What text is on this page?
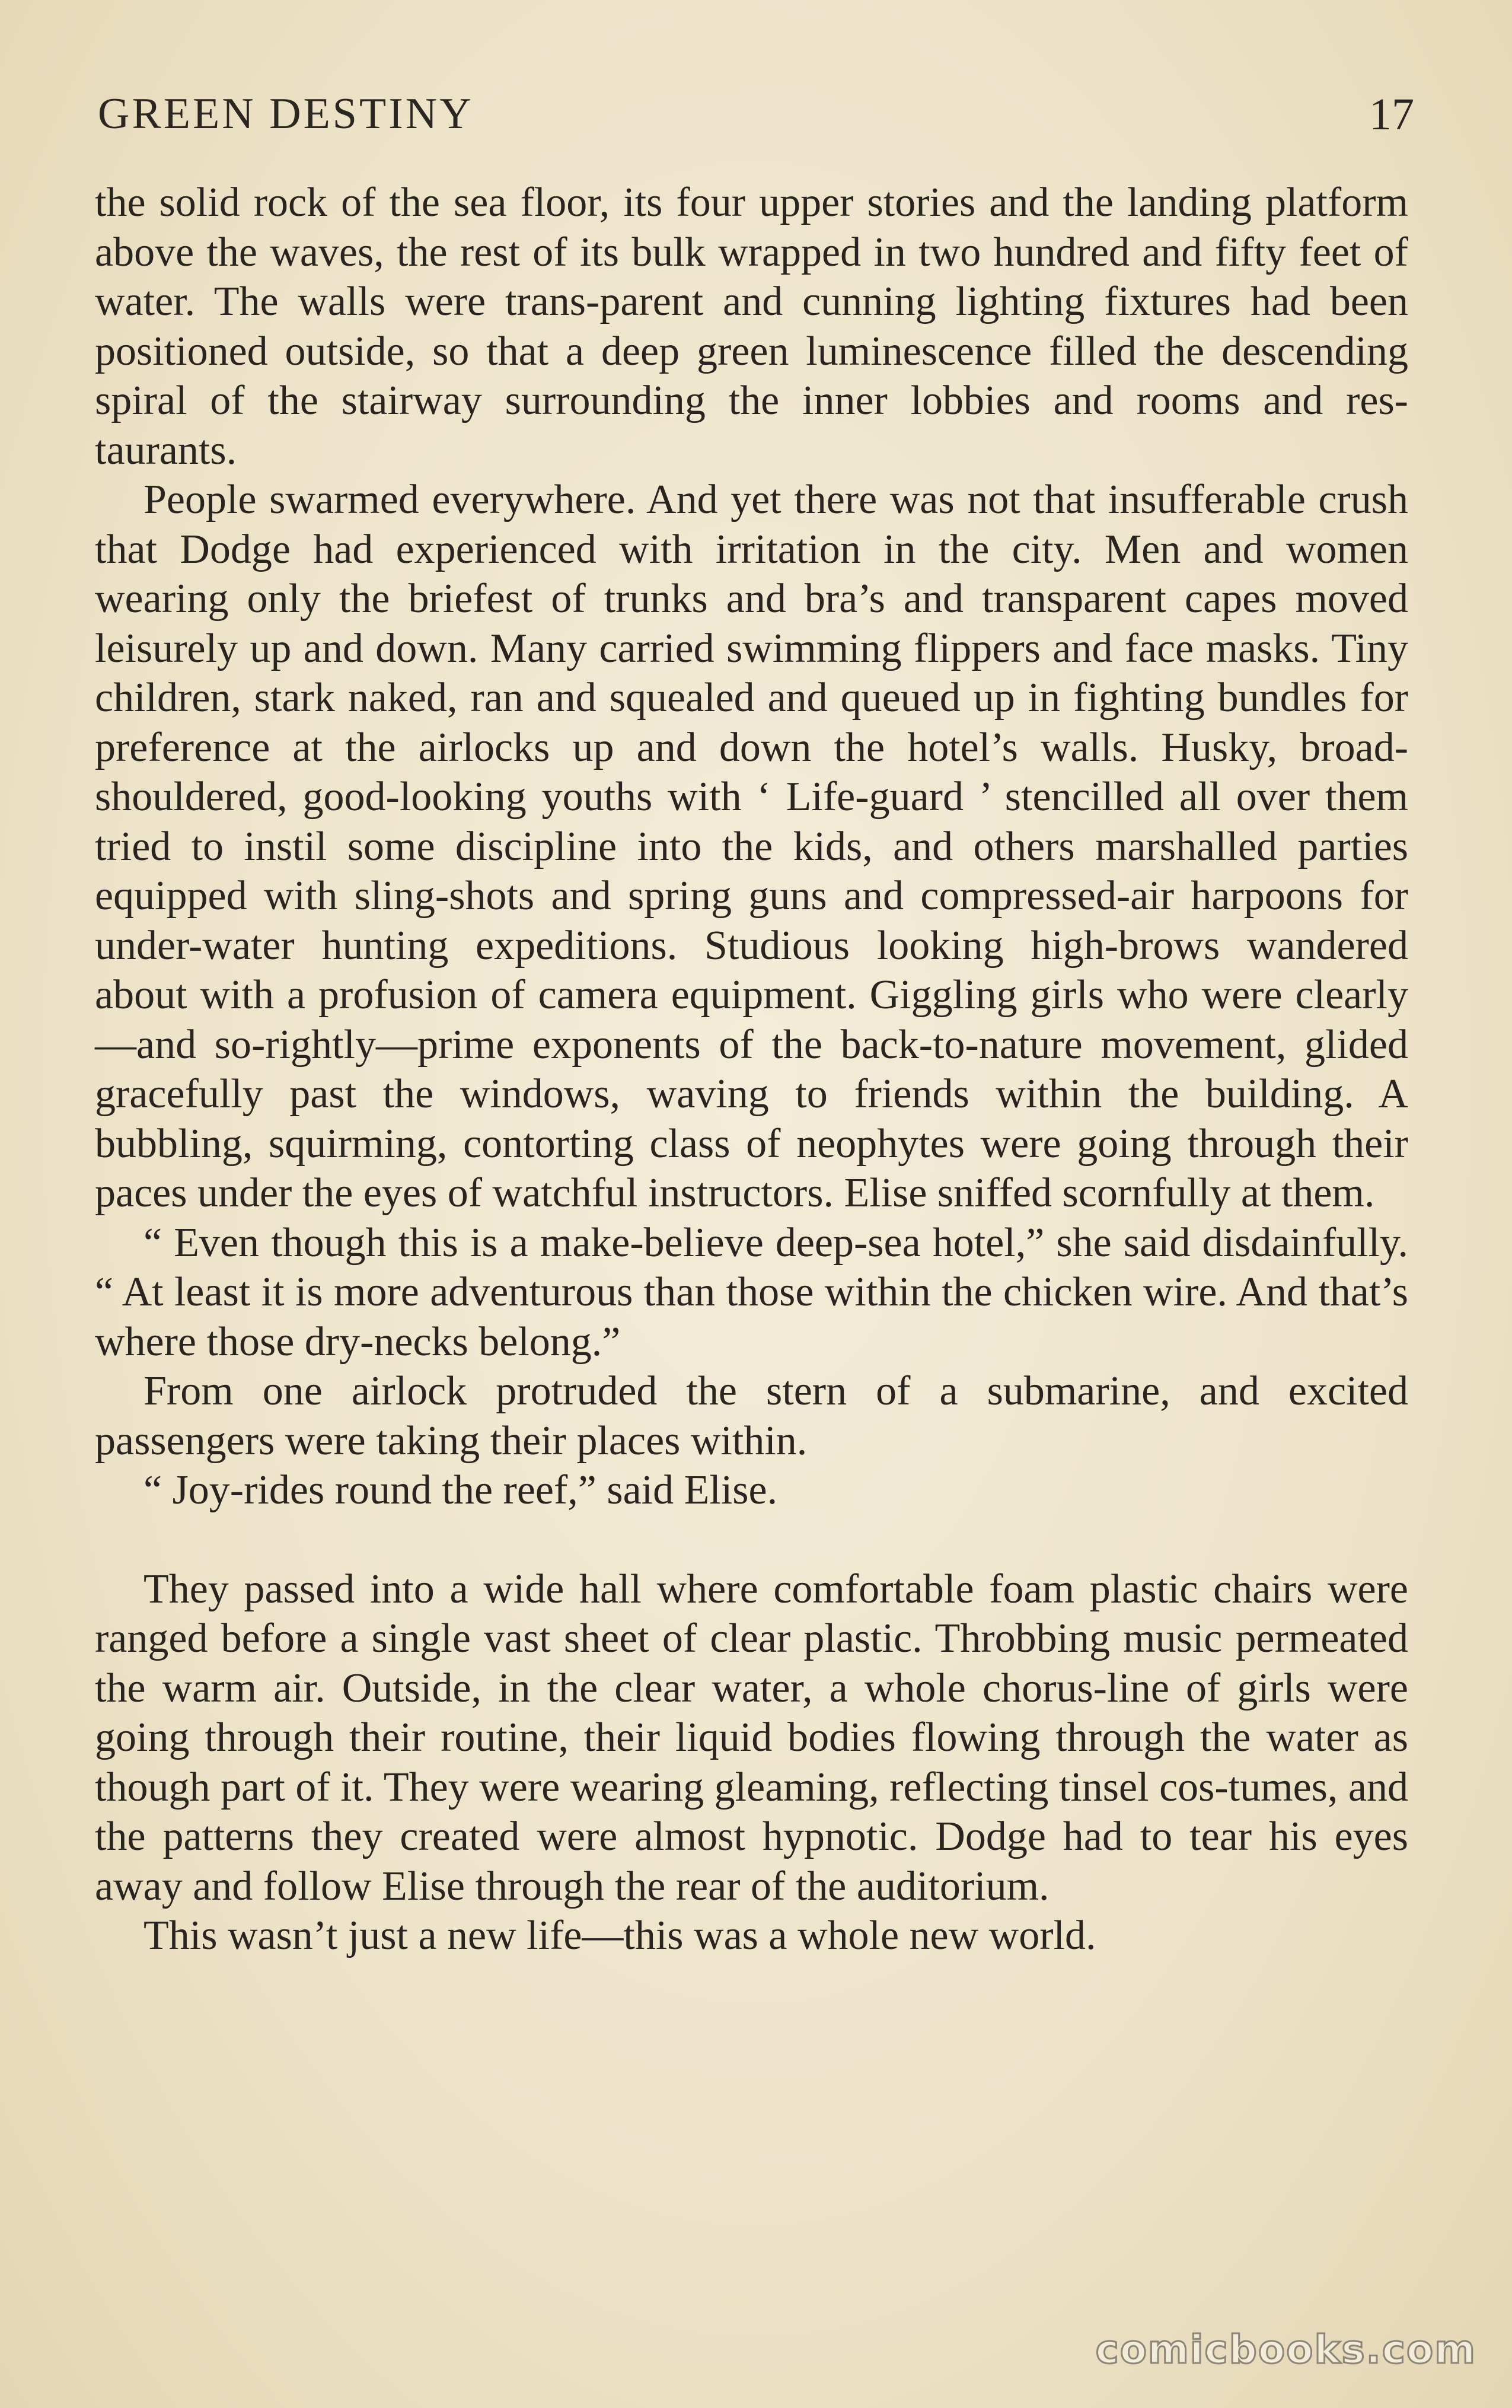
GREEN DESTINY	17

the solid rock of the sea floor, its four upper stories and the landing platform above the waves, the rest of its bulk wrapped in two hundred and fifty feet of water. The walls were trans-parent and cunning lighting fixtures had been positioned outside, so that a deep green luminescence filled the descending spiral of the stairway surrounding the inner lobbies and rooms and res-taurants.

People swarmed everywhere. And yet there was not that insufferable crush that Dodge had experienced with irritation in the city. Men and women wearing only the briefest of trunks and bra’s and transparent capes moved leisurely up and down. Many carried swimming flippers and face masks. Tiny children, stark naked, ran and squealed and queued up in fighting bundles for preference at the airlocks up and down the hotel’s walls. Husky, broad-shouldered, good-looking youths with ‘ Life-guard ’ stencilled all over them tried to instil some discipline into the kids, and others marshalled parties equipped with sling-shots and spring guns and compressed-air harpoons for under-water hunting expeditions. Studious looking high-brows wandered about with a profusion of camera equipment. Giggling girls who were clearly—and so-rightly—prime exponents of the back-to-nature movement, glided gracefully past the windows, waving to friends within the building. A bubbling, squirming, contorting class of neophytes were going through their paces under the eyes of watchful instructors. Elise sniffed scornfully at them.

“ Even though this is a make-believe deep-sea hotel,” she said disdainfully. “ At least it is more adventurous than those within the chicken wire. And that’s where those dry-necks belong.”

From one airlock protruded the stern of a submarine, and excited passengers were taking their places within.

“ Joy-rides round the reef,” said Elise.

They passed into a wide hall where comfortable foam plastic chairs were ranged before a single vast sheet of clear plastic. Throbbing music permeated the warm air. Outside, in the clear water, a whole chorus-line of girls were going through their routine, their liquid bodies flowing through the water as though part of it. They were wearing gleaming, reflecting tinsel cos-tumes, and the patterns they created were almost hypnotic. Dodge had to tear his eyes away and follow Elise through the rear of the auditorium.

This wasn’t just a new life—this was a whole new world.

comicbooks.com
